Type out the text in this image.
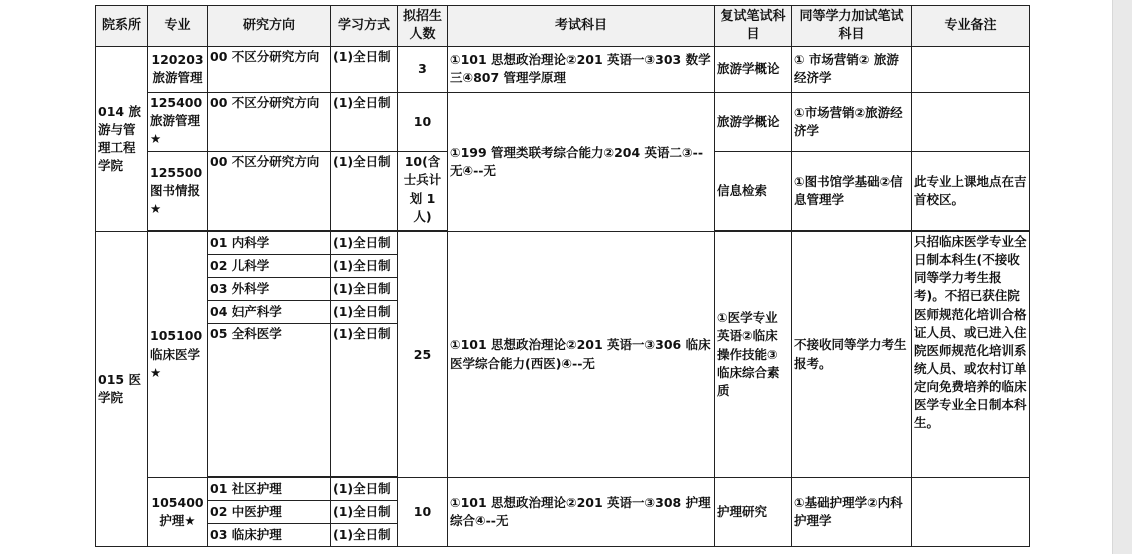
院系所	专业	研究方向	学习方式	拟招生人数	考试科目	复试笔试科目	同等学力加试笔试科目	专业备注
014 旅游与管理工程学院	120203 旅游管理	00 不区分研究方向	(1)全日制	3	①101 思想政治理论②201 英语一③303 数学三④807 管理学原理	旅游学概论	① 市场营销② 旅游经济学	
	125400 旅游管理★	00 不区分研究方向	(1)全日制	10	①199 管理类联考综合能力②204 英语二③--无④--无	旅游学概论	①市场营销②旅游经济学	
	125500 图书情报★	00 不区分研究方向	(1)全日制	10(含士兵计划 1 人)		信息检索	①图书馆学基础②信息管理学	此专业上课地点在吉首校区。

015 医学院	105100 临床医学★	01 内科学	(1)全日制	25	①101 思想政治理论②201 英语一③306 临床医学综合能力(西医)④--无	①医学专业英语②临床操作技能③临床综合素质	不接收同等学力考生报考。	只招临床医学专业全日制本科生(不接收同等学力考生报考)。不招已获住院医师规范化培训合格证人员、或已进入住院医师规范化培训系统人员、或农村订单定向免费培养的临床医学专业全日制本科生。
		02 儿科学	(1)全日制					
		03 外科学	(1)全日制					
		04 妇产科学	(1)全日制					
		05 全科医学	(1)全日制					

	105400 护理★	01 社区护理	(1)全日制	10	①101 思想政治理论②201 英语一③308 护理综合④--无	护理研究	①基础护理学②内科护理学	
		02 中医护理	(1)全日制					
		03 临床护理	(1)全日制					
